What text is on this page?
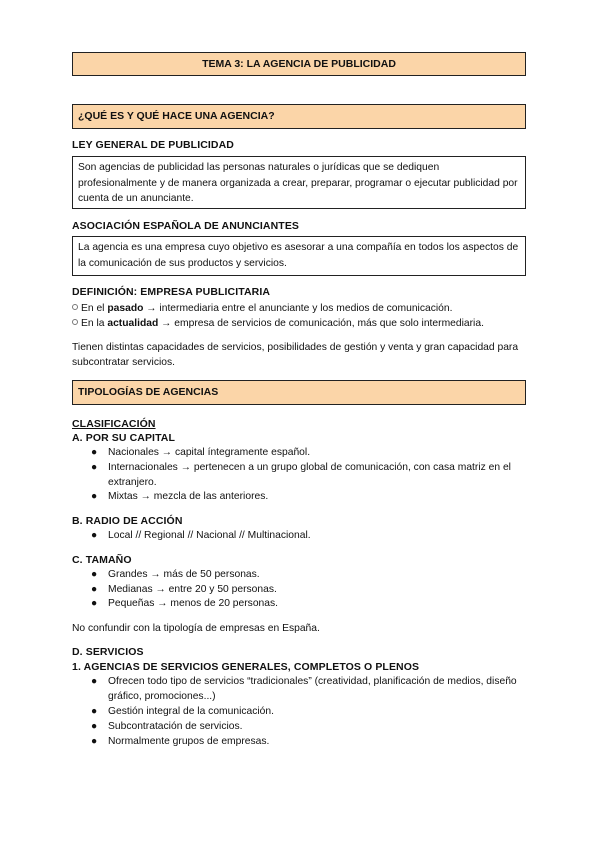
TEMA 3: LA AGENCIA DE PUBLICIDAD
¿QUÉ ES Y QUÉ HACE UNA AGENCIA?
LEY GENERAL DE PUBLICIDAD
Son agencias de publicidad las personas naturales o jurídicas que se dediquen profesionalmente y de manera organizada a crear, preparar, programar o ejecutar publicidad por cuenta de un anunciante.
ASOCIACIÓN ESPAÑOLA DE ANUNCIANTES
La agencia es una empresa cuyo objetivo es asesorar a una compañía en todos los aspectos de la comunicación de sus productos y servicios.
DEFINICIÓN: EMPRESA PUBLICITARIA
En el pasado → intermediaria entre el anunciante y los medios de comunicación.
En la actualidad → empresa de servicios de comunicación, más que solo intermediaria.
Tienen distintas capacidades de servicios, posibilidades de gestión y venta y gran capacidad para subcontratar servicios.
TIPOLOGÍAS DE AGENCIAS
CLASIFICACIÓN
A. POR SU CAPITAL
● Nacionales → capital íntegramente español.
● Internacionales → pertenecen a un grupo global de comunicación, con casa matriz en el extranjero.
● Mixtas → mezcla de las anteriores.
B. RADIO DE ACCIÓN
● Local // Regional // Nacional // Multinacional.
C. TAMAÑO
● Grandes → más de 50 personas.
● Medianas → entre 20 y 50 personas.
● Pequeñas → menos de 20 personas.
No confundir con la tipología de empresas en España.
D. SERVICIOS
1. AGENCIAS DE SERVICIOS GENERALES, COMPLETOS O PLENOS
● Ofrecen todo tipo de servicios “tradicionales” (creatividad, planificación de medios, diseño gráfico, promociones...)
● Gestión integral de la comunicación.
● Subcontratación de servicios.
● Normalmente grupos de empresas.
